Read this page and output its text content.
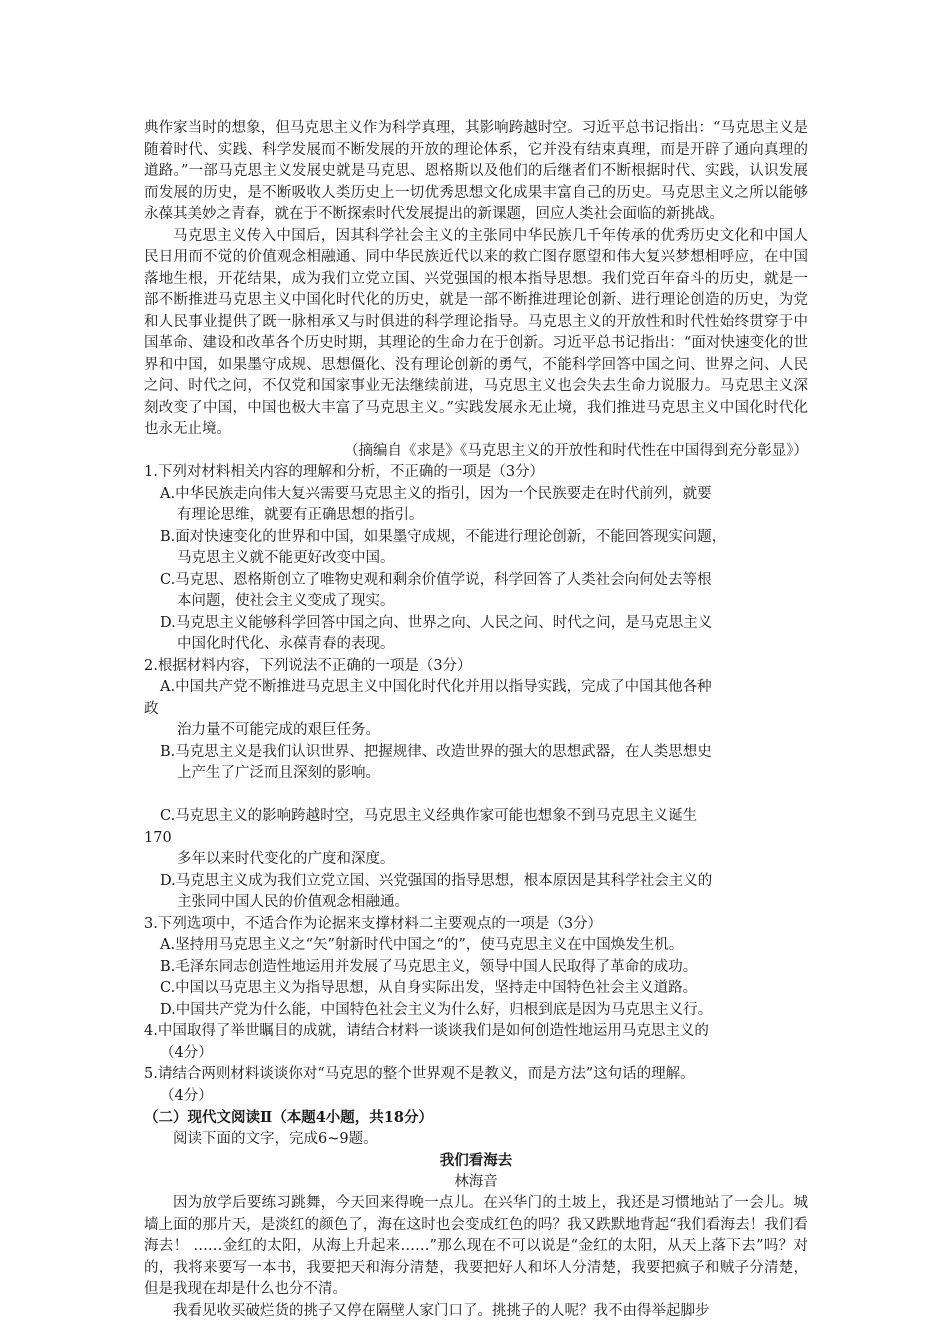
典作家当时的想象，但马克思主义作为科学真理，其影响跨越时空。习近平总书记指出：“马克思主义是随着时代、实践、科学发展而不断发展的开放的理论体系，它并没有结束真理，而是开辟了通向真理的道路。”一部马克思主义发展史就是马克思、恩格斯以及他们的后继者们不断根据时代、实践，认识发展而发展的历史，是不断吸收人类历史上一切优秀思想文化成果丰富自己的历史。马克思主义之所以能够永葆其美妙之青春，就在于不断探索时代发展提出的新课题，回应人类社会面临的新挑战。

马克思主义传入中国后，因其科学社会主义的主张同中华民族几千年传承的优秀历史文化和中国人民日用而不觉的价值观念相融通、同中华民族近代以来的救亡图存愿望和伟大复兴梦想相呼应，在中国落地生根，开花结果，成为我们立党立国、兴党强国的根本指导思想。我们党百年奋斗的历史，就是一部不断推进马克思主义中国化时代化的历史，就是一部不断推进理论创新、进行理论创造的历史，为党和人民事业提供了既一脉相承又与时俱进的科学理论指导。马克思主义的开放性和时代性始终贯穿于中国革命、建设和改革各个历史时期，其理论的生命力在于创新。习近平总书记指出：“面对快速变化的世界和中国，如果墨守成规、思想僵化、没有理论创新的勇气，不能科学回答中国之问、世界之问、人民之问、时代之问，不仅党和国家事业无法继续前进，马克思主义也会失去生命力说服力。马克思主义深刻改变了中国，中国也极大丰富了马克思主义。”实践发展永无止境，我们推进马克思主义中国化时代化也永无止境。

（摘编自《求是》《马克思主义的开放性和时代性在中国得到充分彰显》）

1.下列对材料相关内容的理解和分析，不正确的一项是（3分）

A.中华民族走向伟大复兴需要马克思主义的指引，因为一个民族要走在时代前列，就要

有理论思维，就要有正确思想的指引。

B.面对快速变化的世界和中国，如果墨守成规，不能进行理论创新，不能回答现实问题，

马克思主义就不能更好改变中国。

C.马克思、恩格斯创立了唯物史观和剩余价值学说，科学回答了人类社会向何处去等根

本问题，使社会主义变成了现实。

D.马克思主义能够科学回答中国之向、世界之向、人民之问、时代之问，是马克思主义

中国化时代化、永葆青春的表现。

2.根据材料内容，下列说法不正确的一项是（3分）

A.中国共产党不断推进马克思主义中国化时代化并用以指导实践，完成了中国其他各种

政

治力量不可能完成的艰巨任务。

B.马克思主义是我们认识世界、把握规律、改造世界的强大的思想武器，在人类思想史

上产生了广泛而且深刻的影响。

C.马克思主义的影响跨越时空，马克思主义经典作家可能也想象不到马克思主义诞生

170

多年以来时代变化的广度和深度。

D.马克思主义成为我们立党立国、兴党强国的指导思想，根本原因是其科学社会主义的

主张同中国人民的价值观念相融通。

3.下列选项中，不适合作为论据来支撑材料二主要观点的一项是（3分）

A.坚持用马克思主义之“矢”射新时代中国之“的”，使马克思主义在中国焕发生机。

B.毛泽东同志创造性地运用并发展了马克思主义，领导中国人民取得了革命的成功。

C.中国以马克思主义为指导思想，从自身实际出发，坚持走中国特色社会主义道路。

D.中国共产党为什么能，中国特色社会主义为什么好，归根到底是因为马克思主义行。

4.中国取得了举世瞩目的成就，请结合材料一谈谈我们是如何创造性地运用马克思主义的

（4分）

5.请结合两则材料谈谈你对“马克思的整个世界观不是教义，而是方法”这句话的理解。

（4分）

（二）现代文阅读Ⅱ（本题4小题，共18分）

阅读下面的文字，完成6~9题。

我们看海去

林海音

因为放学后要练习跳舞，今天回来得晚一点儿。在兴华门的土坡上，我还是习惯地站了一会儿。城墙上面的那片天，是淡红的颜色了，海在这时也会变成红色的吗？我又跌默地背起“我们看海去！我们看海去！ ……金红的太阳，从海上升起来……”那么现在不可以说是“金红的太阳，从天上落下去”吗？对的，我将来要写一本书，我要把天和海分清楚，我要把好人和坏人分清楚，我要把疯子和贼子分清楚，但是我现在却是什么也分不清。

我看见收买破烂货的挑子又停在隔壁人家门口了。挑挑子的人呢？我不由得举起脚步
